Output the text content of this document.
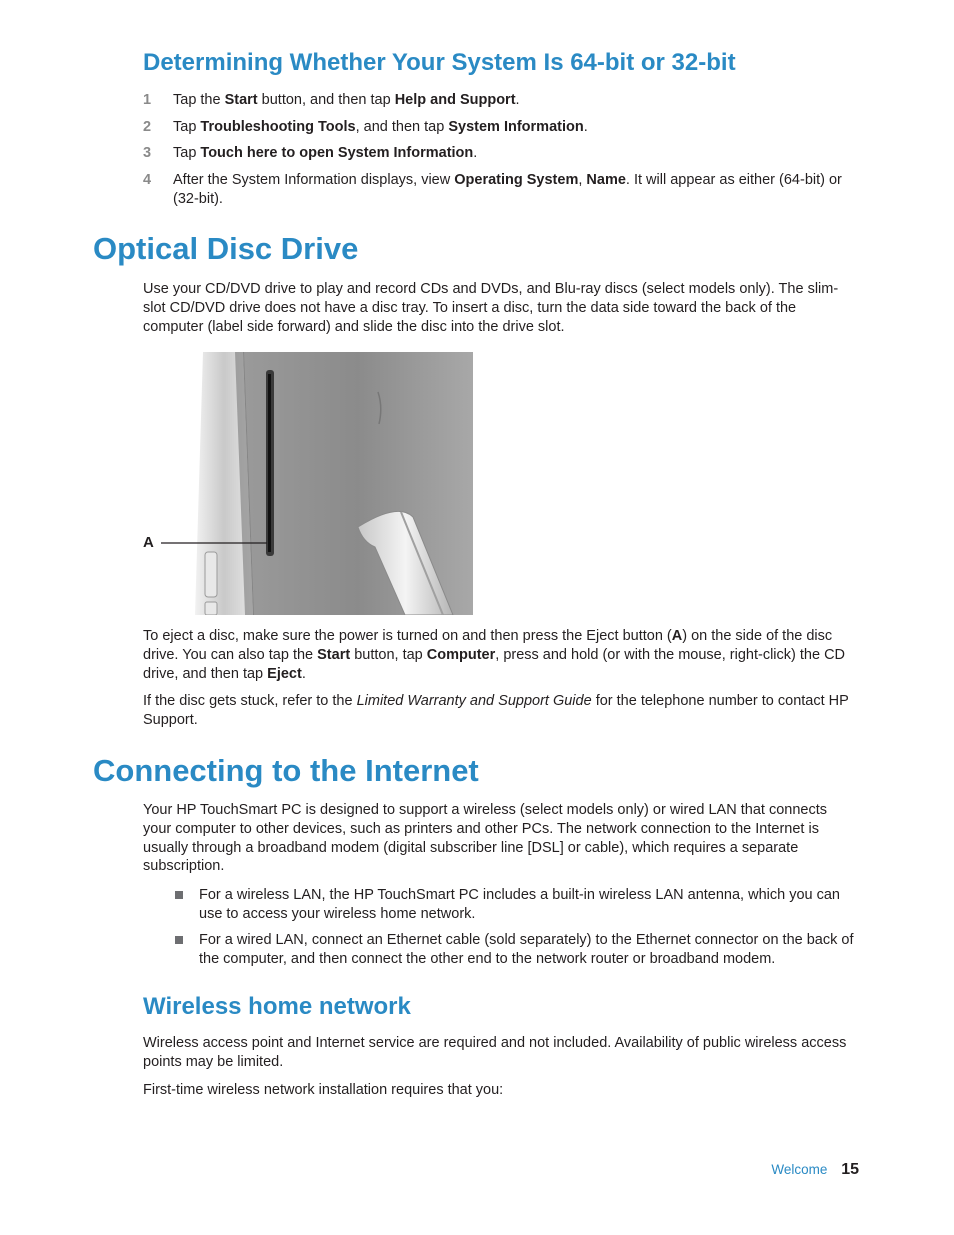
Determining Whether Your System Is 64-bit or 32-bit
1	Tap the Start button, and then tap Help and Support.
2	Tap Troubleshooting Tools, and then tap System Information.
3	Tap Touch here to open System Information.
4	After the System Information displays, view Operating System, Name. It will appear as either (64-bit) or (32-bit).
Optical Disc Drive

Use your CD/DVD drive to play and record CDs and DVDs, and Blu-ray discs (select models only). The slim-slot CD/DVD drive does not have a disc tray. To insert a disc, turn the data side toward the back of the computer (label side forward) and slide the disc into the drive slot.

A

To eject a disc, make sure the power is turned on and then press the Eject button (A) on the side of the disc drive. You can also tap the Start button, tap Computer, press and hold (or with the mouse, right-click) the CD drive, and then tap Eject.

If the disc gets stuck, refer to the Limited Warranty and Support Guide for the telephone number to contact HP Support.

Connecting to the Internet

Your HP TouchSmart PC is designed to support a wireless (select models only) or wired LAN that connects your computer to other devices, such as printers and other PCs. The network connection to the Internet is usually through a broadband modem (digital subscriber line [DSL] or cable), which requires a separate subscription.

For a wireless LAN, the HP TouchSmart PC includes a built-in wireless LAN antenna, which you can use to access your wireless home network.
For a wired LAN, connect an Ethernet cable (sold separately) to the Ethernet connector on the back of the computer, and then connect the other end to the network router or broadband modem.
Wireless home network

Wireless access point and Internet service are required and not included. Availability of public wireless access points may be limited.

First-time wireless network installation requires that you:

Welcome 15
